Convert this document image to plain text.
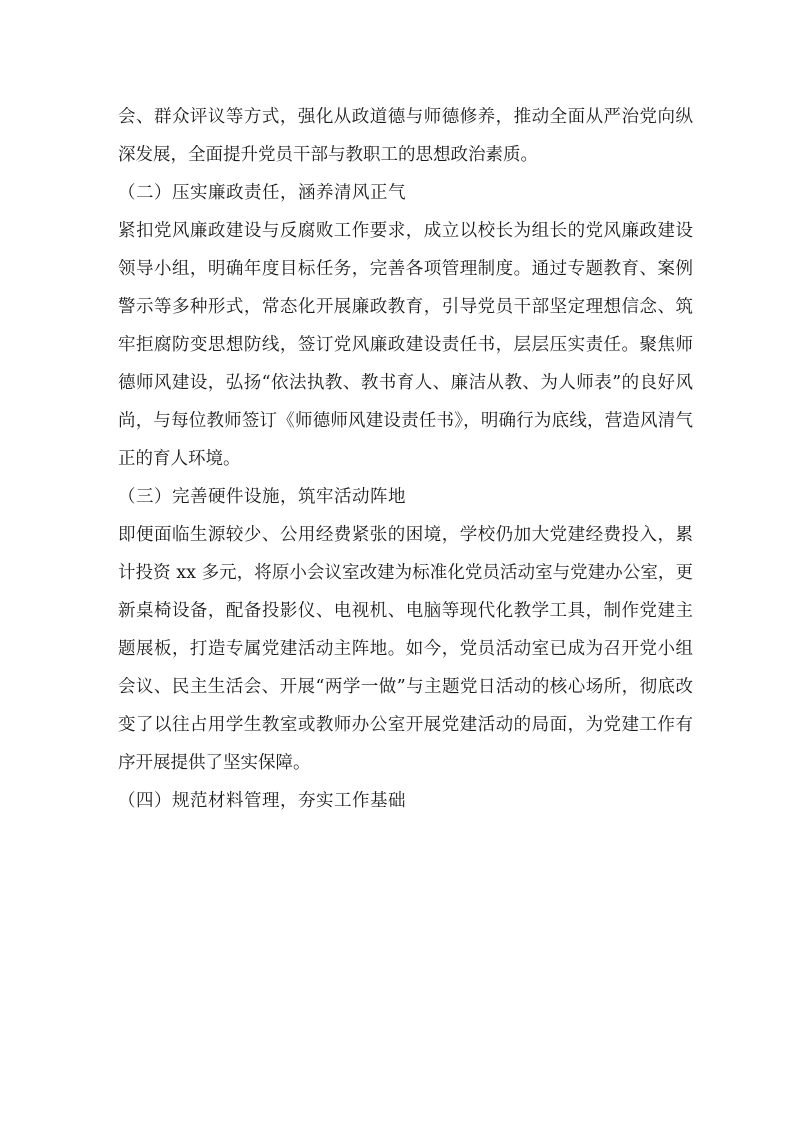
会、群众评议等方式，强化从政道德与师德修养，推动全面从严治党向纵深发展，全面提升党员干部与教职工的思想政治素质。

（二）压实廉政责任，涵养清风正气

紧扣党风廉政建设与反腐败工作要求，成立以校长为组长的党风廉政建设领导小组，明确年度目标任务，完善各项管理制度。通过专题教育、案例警示等多种形式，常态化开展廉政教育，引导党员干部坚定理想信念、筑牢拒腐防变思想防线，签订党风廉政建设责任书，层层压实责任。聚焦师德师风建设，弘扬“依法执教、教书育人、廉洁从教、为人师表”的良好风尚，与每位教师签订《师德师风建设责任书》，明确行为底线，营造风清气正的育人环境。

（三）完善硬件设施，筑牢活动阵地

即便面临生源较少、公用经费紧张的困境，学校仍加大党建经费投入，累计投资 xx 多元，将原小会议室改建为标准化党员活动室与党建办公室，更新桌椅设备，配备投影仪、电视机、电脑等现代化教学工具，制作党建主题展板，打造专属党建活动主阵地。如今，党员活动室已成为召开党小组会议、民主生活会、开展“两学一做”与主题党日活动的核心场所，彻底改变了以往占用学生教室或教师办公室开展党建活动的局面，为党建工作有序开展提供了坚实保障。

（四）规范材料管理，夯实工作基础
